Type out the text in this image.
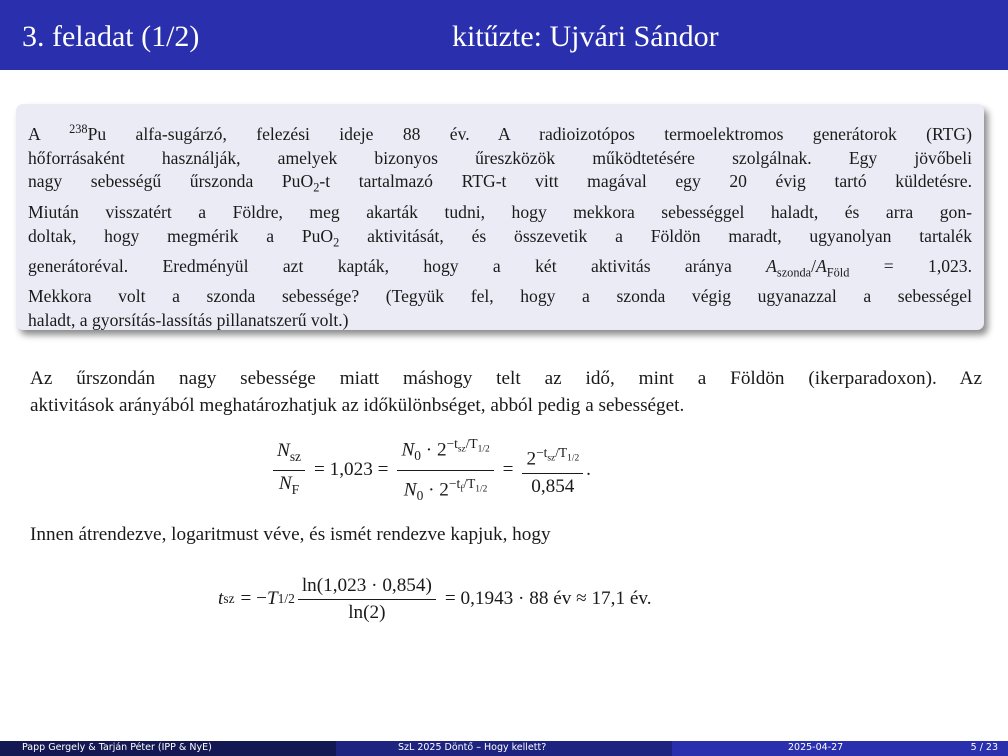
3. feladat (1/2)	kitűzte: Ujvári Sándor
A $^{238}$Pu alfa-sugárzó, felezési ideje 88 év. A radioizotópos termoelektromos generátorok (RTG)
hőforrásaként használják, amelyek bizonyos űreszközök működtetésére szolgálnak. Egy jövőbeli
nagy sebességű űrszonda PuO$_2$-t tartalmazó RTG-t vitt magával egy 20 évig tartó küldetésre.
Miután visszatért a Földre, meg akarták tudni, hogy mekkora sebességgel haladt, és arra gon-
doltak, hogy megmérik a PuO$_2$ aktivitását, és összevetik a Földön maradt, ugyanolyan tartalék
generátoréval. Eredményül azt kapták, hogy a két aktivitás aránya $A_{szonda}/A_{Föld} = 1,023$.
Mekkora volt a szonda sebessége? (Tegyük fel, hogy a szonda végig ugyanazzal a sebességel
haladt, a gyorsítás-lassítás pillanatszerű volt.)
Az űrszondán nagy sebessége miatt máshogy telt az idő, mint a Földön (ikerparadoxon). Az
aktivitások arányából meghatározhatjuk az időkülönbséget, abból pedig a sebességet.
$\frac{N_{sz}}{N_F} = 1,023 = \frac{N_0 \cdot 2^{-t_{sz}/T_{1/2}}}{N_0 \cdot 2^{-t_f/T_{1/2}}} = \frac{2^{-t_{sz}/T_{1/2}}}{0,854}$ .
Innen átrendezve, logaritmust véve, és ismét rendezve kapjuk, hogy
t sz = − T $1/2 \frac{\ln(1,023 \cdot 0,854)}{\ln(2)} = 0,1943 \cdot 88$ év ≈ 17,1 év.
Papp Gergely & Tarján Péter (IPP & NyE)	SzL 2025 Döntő – Hogy kellett?	2025-04-27	5 / 23
